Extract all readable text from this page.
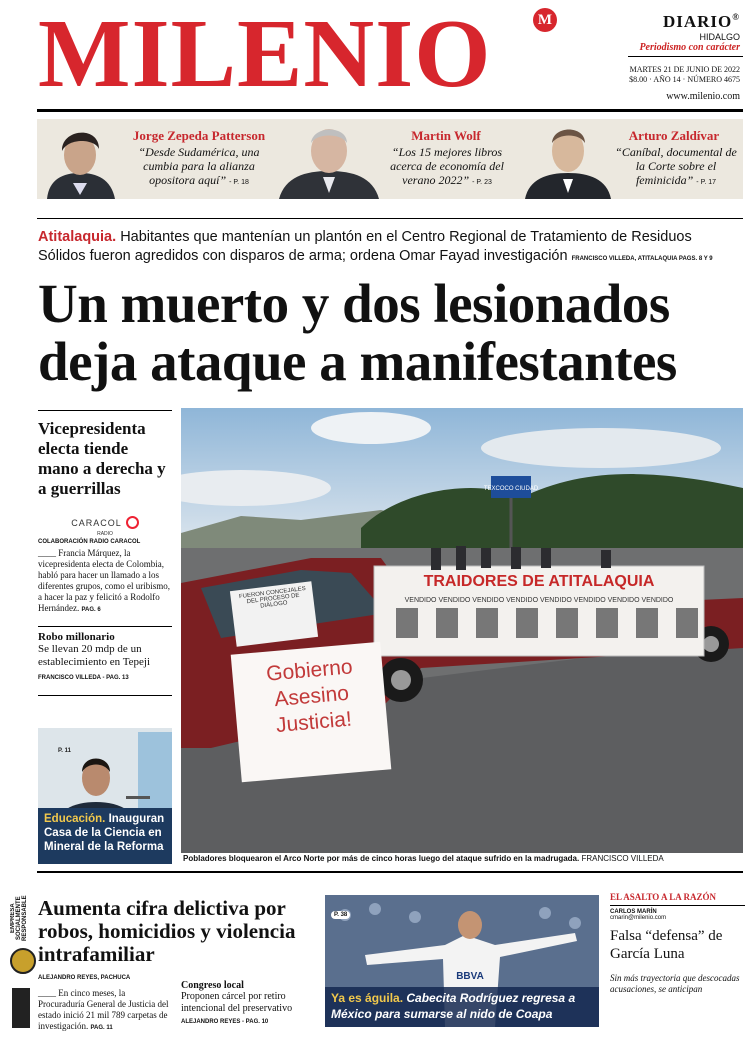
MILENIO	M	DIARIO®
HIDALGO
Periodismo con carácter
MARTES 21 DE JUNIO DE 2022
$8.00 · AÑO 14 · NÚMERO 4675
www.milenio.com
Jorge Zepeda Patterson
“Desde Sudamérica, una cumbia para la alianza opositora aquí” - P. 18
Martin Wolf
“Los 15 mejores libros acerca de economía del verano 2022” - P. 23
Arturo Zaldívar
“Caníbal, documental de la Corte sobre el feminicida” - P. 17
Atitalaquia. Habitantes que mantenían un plantón en el Centro Regional de Tratamiento de Residuos Sólidos fueron agredidos con disparos de arma; ordena Omar Fayad investigación FRANCISCO VILLEDA, ATITALAQUIA PAGS. 8 Y 9
Un muerto y dos lesionados
deja ataque a manifestantes
Vicepresidenta electa tiende mano a derecha y a guerrillas
CARACOL
RADIO
COLABORACIÓN RADIO CARACOL
____ Francia Márquez, la vicepresidenta electa de Colombia, habló para hacer un llamado a los diferentes grupos, como el uribismo, a hacer la paz y felicitó a Rodolfo Hernández. PAG. 6
Robo millonario
Se llevan 20 mdp de un establecimiento en Tepeji
FRANCISCO VILLEDA - PAG. 13
P. 11
Educación. Inauguran Casa de la Ciencia en Mineral de la Reforma
TEXCOCO CIUDAD
TRAIDORES DE ATITALAQUIA
VENDIDO VENDIDO VENDIDO VENDIDO VENDIDO VENDIDO VENDIDO VENDIDO
FUERON CONCEJALES DEL PROCESO DE DIÁLOGO
Gobierno Asesino Justicia!
Pobladores bloquearon el Arco Norte por más de cinco horas luego del ataque sufrido en la madrugada. FRANCISCO VILLEDA
EMPRESA SOCIALMENTE RESPONSABLE Aumenta cifra delictiva por robos, homicidios y violencia intrafamiliar
ALEJANDRO REYES, PACHUCA
____ En cinco meses, la Procuraduría General de Justicia del estado inició 21 mil 789 carpetas de investigación. PAG. 11
Congreso local
Proponen cárcel por retiro intencional del preservativo
ALEJANDRO REYES - PAG. 10
BBVA
P. 38
Ya es águila. Cabecita Rodríguez regresa a México para sumarse al nido de Coapa
EL ASALTO A LA RAZÓN
CARLOS MARÍN
cmarin@milenio.com
Falsa “defensa” de García Luna
Sin más trayectoria que descocadas acusaciones, se anticipan
